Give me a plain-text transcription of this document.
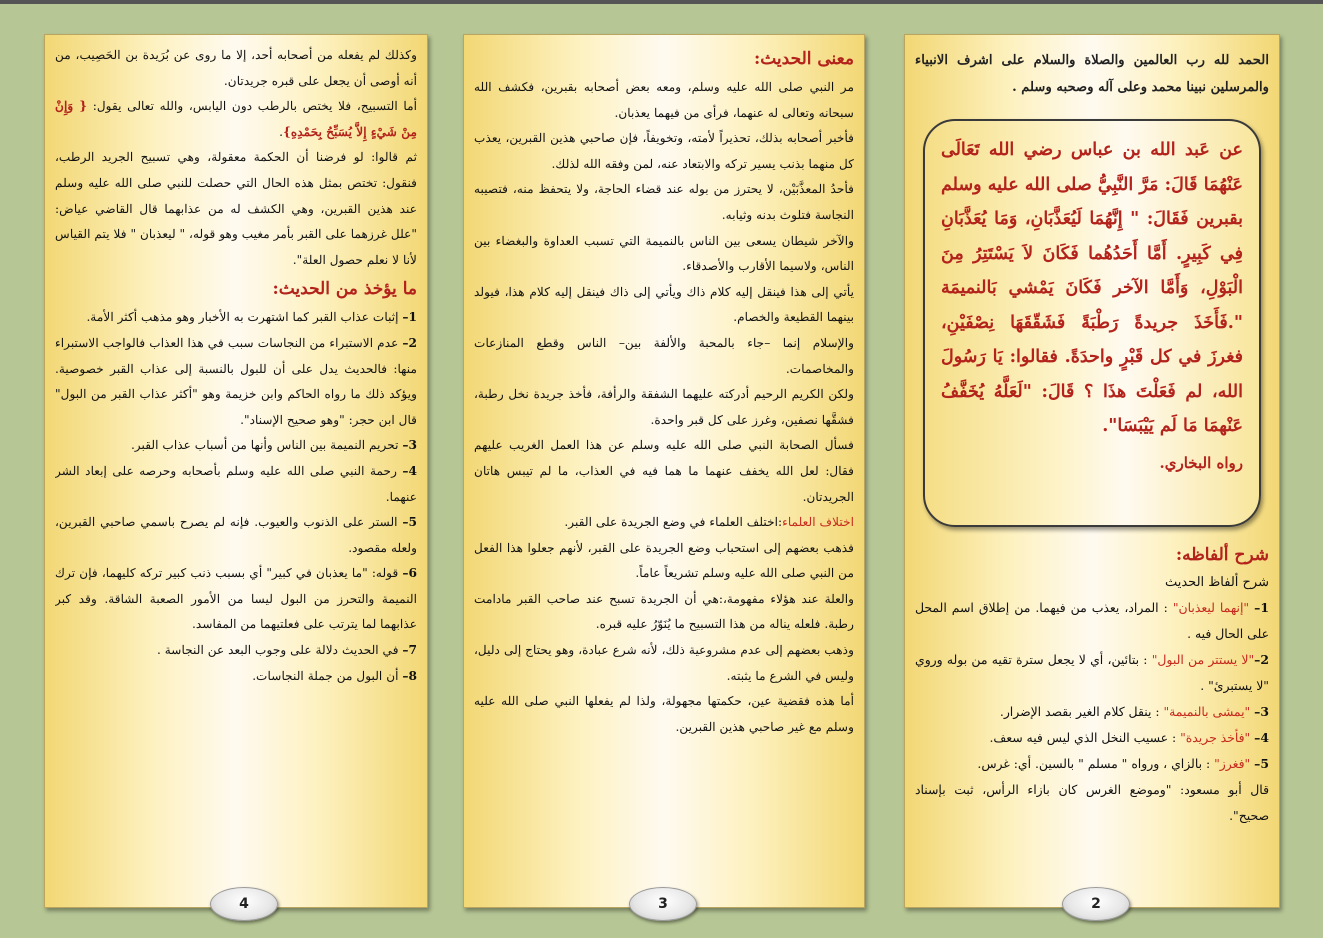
الحمد لله رب العالمين والصلاة والسلام على اشرف الانبياء والمرسلين نبينا محمد وعلى آله وصحبه وسلم .

عن عَبد الله بن عباس رضي الله تَعَالَى عَنْهُمَا قَالَ: مَرَّ النَّبِيُّ صلى الله عليه وسلم بقبرين فَقَالَ: " إِنَّهُمَا لَيُعَذَّبَانِ، وَمَا يُعَذَّبَانِ فِي كَبِيرٍ. أَمَّا أَحَدُهُما فَكَانَ لاَ يَسْتَتِرُ مِنَ الْبَوْلِ، وَأَمَّا الآخر فَكَانَ يَمْشي بَالنميمَة ".فَأَخَذَ جريدةً رَطْبَةً فَشَقّقَهَا نِصْفَيْنِ، فغرزَ في كل قَبْرٍ واحدَةً. فقالوا: يَا رَسُولَ الله، لم فَعَلْتَ هذَا ؟ قَالَ: "لَعَلَّهُ يُخَفَّفُ عَنْهمَا مَا لَم يَيْبَسَا".

رواه البخاري.

شرح ألفاظه:

شرح ألفاظ الحديث

1– "إنهما ليعذبان" : المراد، يعذب من فيهما. من إطلاق اسم المحل على الحال فيه .

2–"لا يستتر من البول" : بتائين، أي لا يجعل سترة تقيه من بوله وروي "لا يستبرئ" .

3– "يمشى بالنميمة" : ينقل كلام الغير بقصد الإضرار.

4– "فأخذ جريدة" : عسيب النخل الذي ليس فيه سعف.

5– "فغرز" : بالزاي ، ورواه " مسلم " بالسين. أي: غرس.

قال أبو مسعود: "وموضع الغرس كان بازاء الرأس، ثبت بإسناد صحيح".

2

معنى الحديث:

مر النبي صلى الله عليه وسلم، ومعه بعض أصحابه بقبرين، فكشف الله سبحانه وتعالى له عنهما، فرأى من فيهما يعذبان.

فأخبر أصحابه بذلك، تحذيراً لأمته، وتخويفاً، فإن صاحبي هذين القبرين، يعذب كل منهما بذنب يسير تركه والابتعاد عنه، لمن وفقه الله لذلك.

فأحدُ المعذَّبَيْن، لا يحترز من بوله عند قضاء الحاجة، ولا يتحفظ منه، فتصيبه النجاسة فتلوث بدنه وثيابه.

والآخر شيطان يسعى بين الناس بالنميمة التي تسبب العداوة والبغضاء بين الناس، ولاسيما الأقارب والأصدقاء.

يأتي إلى هذا فينقل إليه كلام ذاك ويأتي إلى ذاك فينقل إليه كلام هذا، فيولد بينهما القطيعة والخصام.

والإسلام إنما –جاء بالمحبة والألفة بين– الناس وقطع المنازعات والمخاصمات.

ولكن الكريم الرحيم أدركته عليهما الشفقة والرأفة، فأخذ جريدة نخل رطبة، فشقَّها نصفين، وغرز على كل قبر واحدة.

فسأل الصحابة النبي صلى الله عليه وسلم عن هذا العمل الغريب عليهم فقال: لعل الله يخفف عنهما ما هما فيه في العذاب، ما لم تيبس هاتان الجريدتان.

اختلاف العلماء:اختلف العلماء في وضع الجريدة على القبر.

فذهب بعضهم إلى استحباب وضع الجريدة على القبر، لأنهم جعلوا هذا الفعل من النبي صلى الله عليه وسلم تشريعاً عاماً.

والعلة عند هؤلاء مفهومة،:هي أن الجريدة تسبح عند صاحب القبر مادامت رطبة. فلعله يناله من هذا التسبيح ما يُنَوّرُ عليه قبره.

وذهب بعضهم إلى عدم مشروعية ذلك، لأنه شرع عبادة، وهو يحتاج إلى دليل، وليس في الشرع ما يثبته.

أما هذه فقضية عين، حكمتها مجهولة، ولذا لم يفعلها النبي صلى الله عليه وسلم مع غير صاحبي هذين القبرين.

3

وكذلك لم يفعله من أصحابه أحد، إلا ما روى عن بُرَيدة بن الحَصِيب، من أنه أوصى أن يجعل على قبره جريدتان.

أما التسبيح، فلا يختص بالرطب دون اليابس، والله تعالى يقول: { وَإِنْ مِنْ شَيْءٍ إِلاَّ يُسَبِّحُ بِحَمْدِهِ}.

ثم قالوا: لو فرضنا أن الحكمة معقولة، وهي تسبيح الجريد الرطب، فنقول: تختص بمثل هذه الحال التي حصلت للنبي صلى الله عليه وسلم عند هذين القبرين، وهي الكشف له من عذابهما قال القاضي عياض: "علل غرزهما على القبر بأمر مغيب وهو قوله، " ليعذبان " فلا يتم القياس لأنا لا نعلم حصول العلة".

ما يؤخذ من الحديث:

1– إثبات عذاب القبر كما اشتهرت به الأخبار وهو مذهب أكثر الأمة.

2– عدم الاستبراء من النجاسات سبب في هذا العذاب فالواجب الاستبراء منها: فالحديث يدل على أن للبول بالنسبة إلى عذاب القبر خصوصية. ويؤكد ذلك ما رواه الحاكم وابن خزيمة وهو "أكثر عذاب القبر من البول" قال ابن حجر: "وهو صحيح الإسناد".

3– تحريم النميمة بين الناس وأنها من أسباب عذاب القبر.

4– رحمة النبي صلى الله عليه وسلم بأصحابه وحرصه على إبعاد الشر عنهما.

5– الستر على الذنوب والعيوب. فإنه لم يصرح باسمي صاحبي القبرين، ولعله مقصود.

6– قوله: "ما يعذبان في كبير" أي بسبب ذنب كبير تركه كليهما، فإن ترك النميمة والتحرز من البول ليسا من الأمور الصعبة الشاقة. وقد كبر عذابهما لما يترتب على فعلتيهما من المفاسد.

7– في الحديث دلالة على وجوب البعد عن النجاسة .

8– أن البول من جملة النجاسات.

4
